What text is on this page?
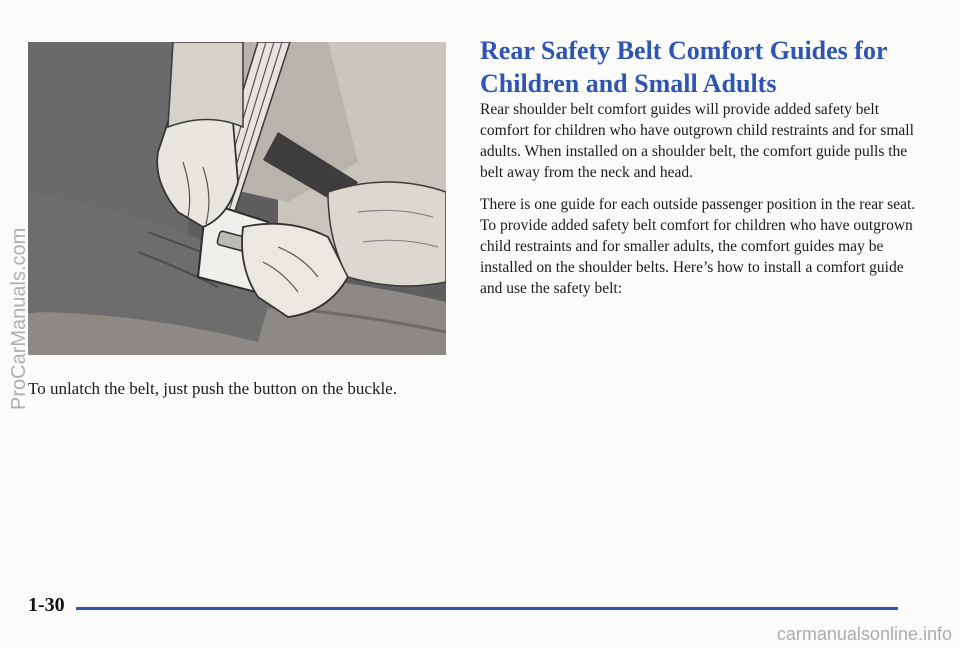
To unlatch the belt, just push the button on the buckle.

Rear Safety Belt Comfort Guides for
Children and Small Adults

Rear shoulder belt comfort guides will provide added safety belt comfort for children who have outgrown child restraints and for small adults. When installed on a shoulder belt, the comfort guide pulls the belt away from the neck and head.

There is one guide for each outside passenger position in the rear seat. To provide added safety belt comfort for children who have outgrown child restraints and for smaller adults, the comfort guides may be installed on the shoulder belts. Here’s how to install a comfort guide and use the safety belt:

1-30
ProCarManuals.com
carmanualsonline.info
